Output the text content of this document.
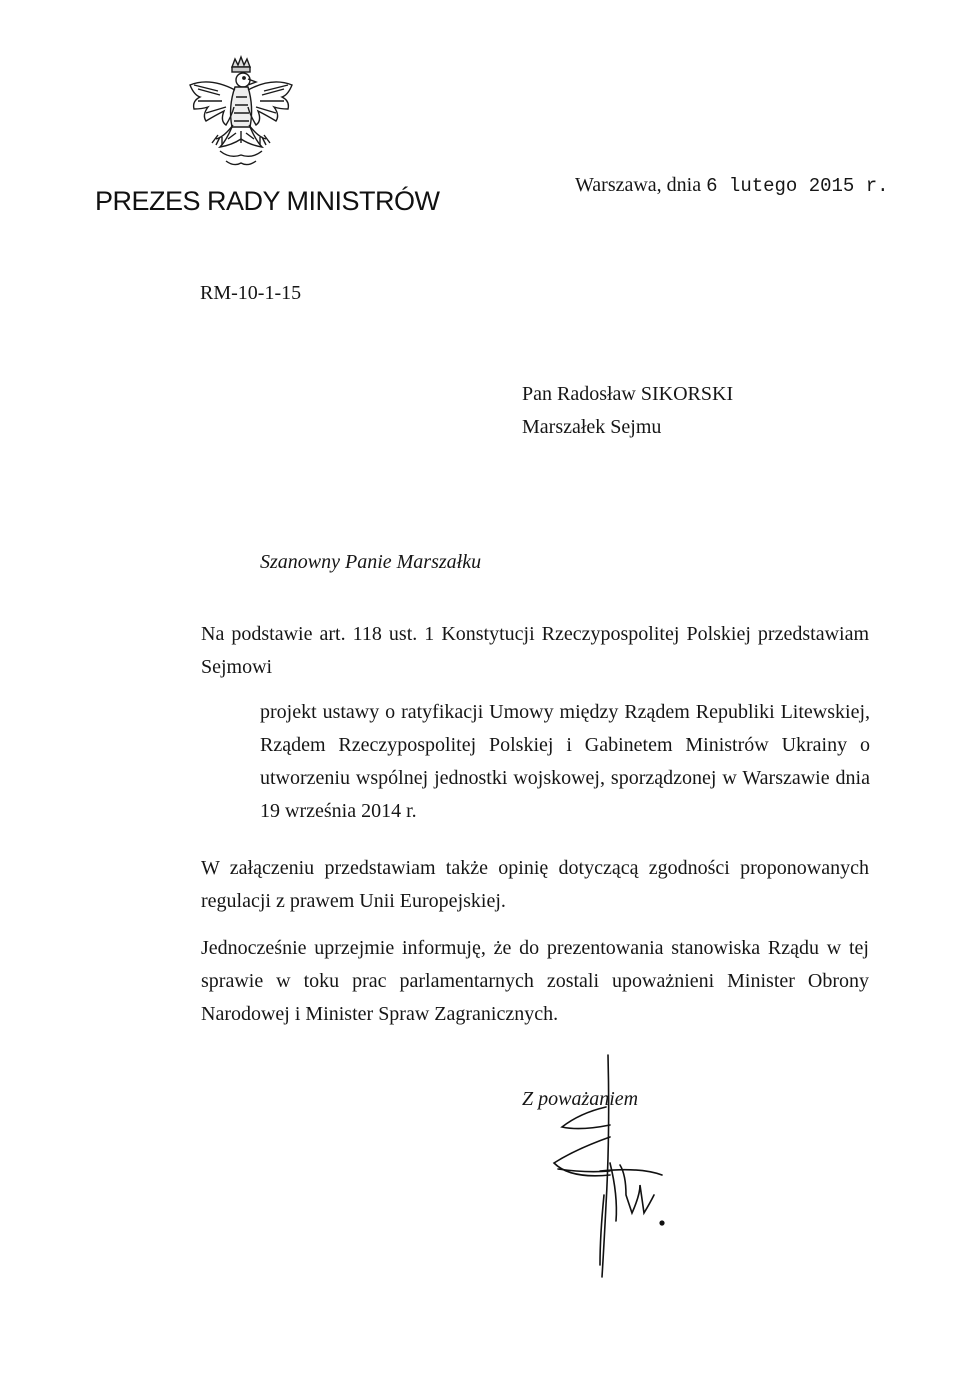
PREZES RADY MINISTRÓW
Warszawa, dnia 6 lutego 2015 r.
RM-10-1-15
Pan Radosław SIKORSKI
Marszałek Sejmu
Szanowny Panie Marszałku
Na podstawie art. 118 ust. 1 Konstytucji Rzeczypospolitej Polskiej przedstawiam Sejmowi
projekt ustawy o ratyfikacji Umowy między Rządem Republiki Litewskiej, Rządem Rzeczypospolitej Polskiej i Gabinetem Ministrów Ukrainy o utworzeniu wspólnej jednostki wojskowej, sporządzonej w Warszawie dnia 19 września 2014 r.
W załączeniu przedstawiam także opinię dotyczącą zgodności proponowanych regulacji z prawem Unii Europejskiej.
Jednocześnie uprzejmie informuję, że do prezentowania stanowiska Rządu w tej sprawie w toku prac parlamentarnych zostali upoważnieni Minister Obrony Narodowej i Minister Spraw Zagranicznych.
Z poważaniem
